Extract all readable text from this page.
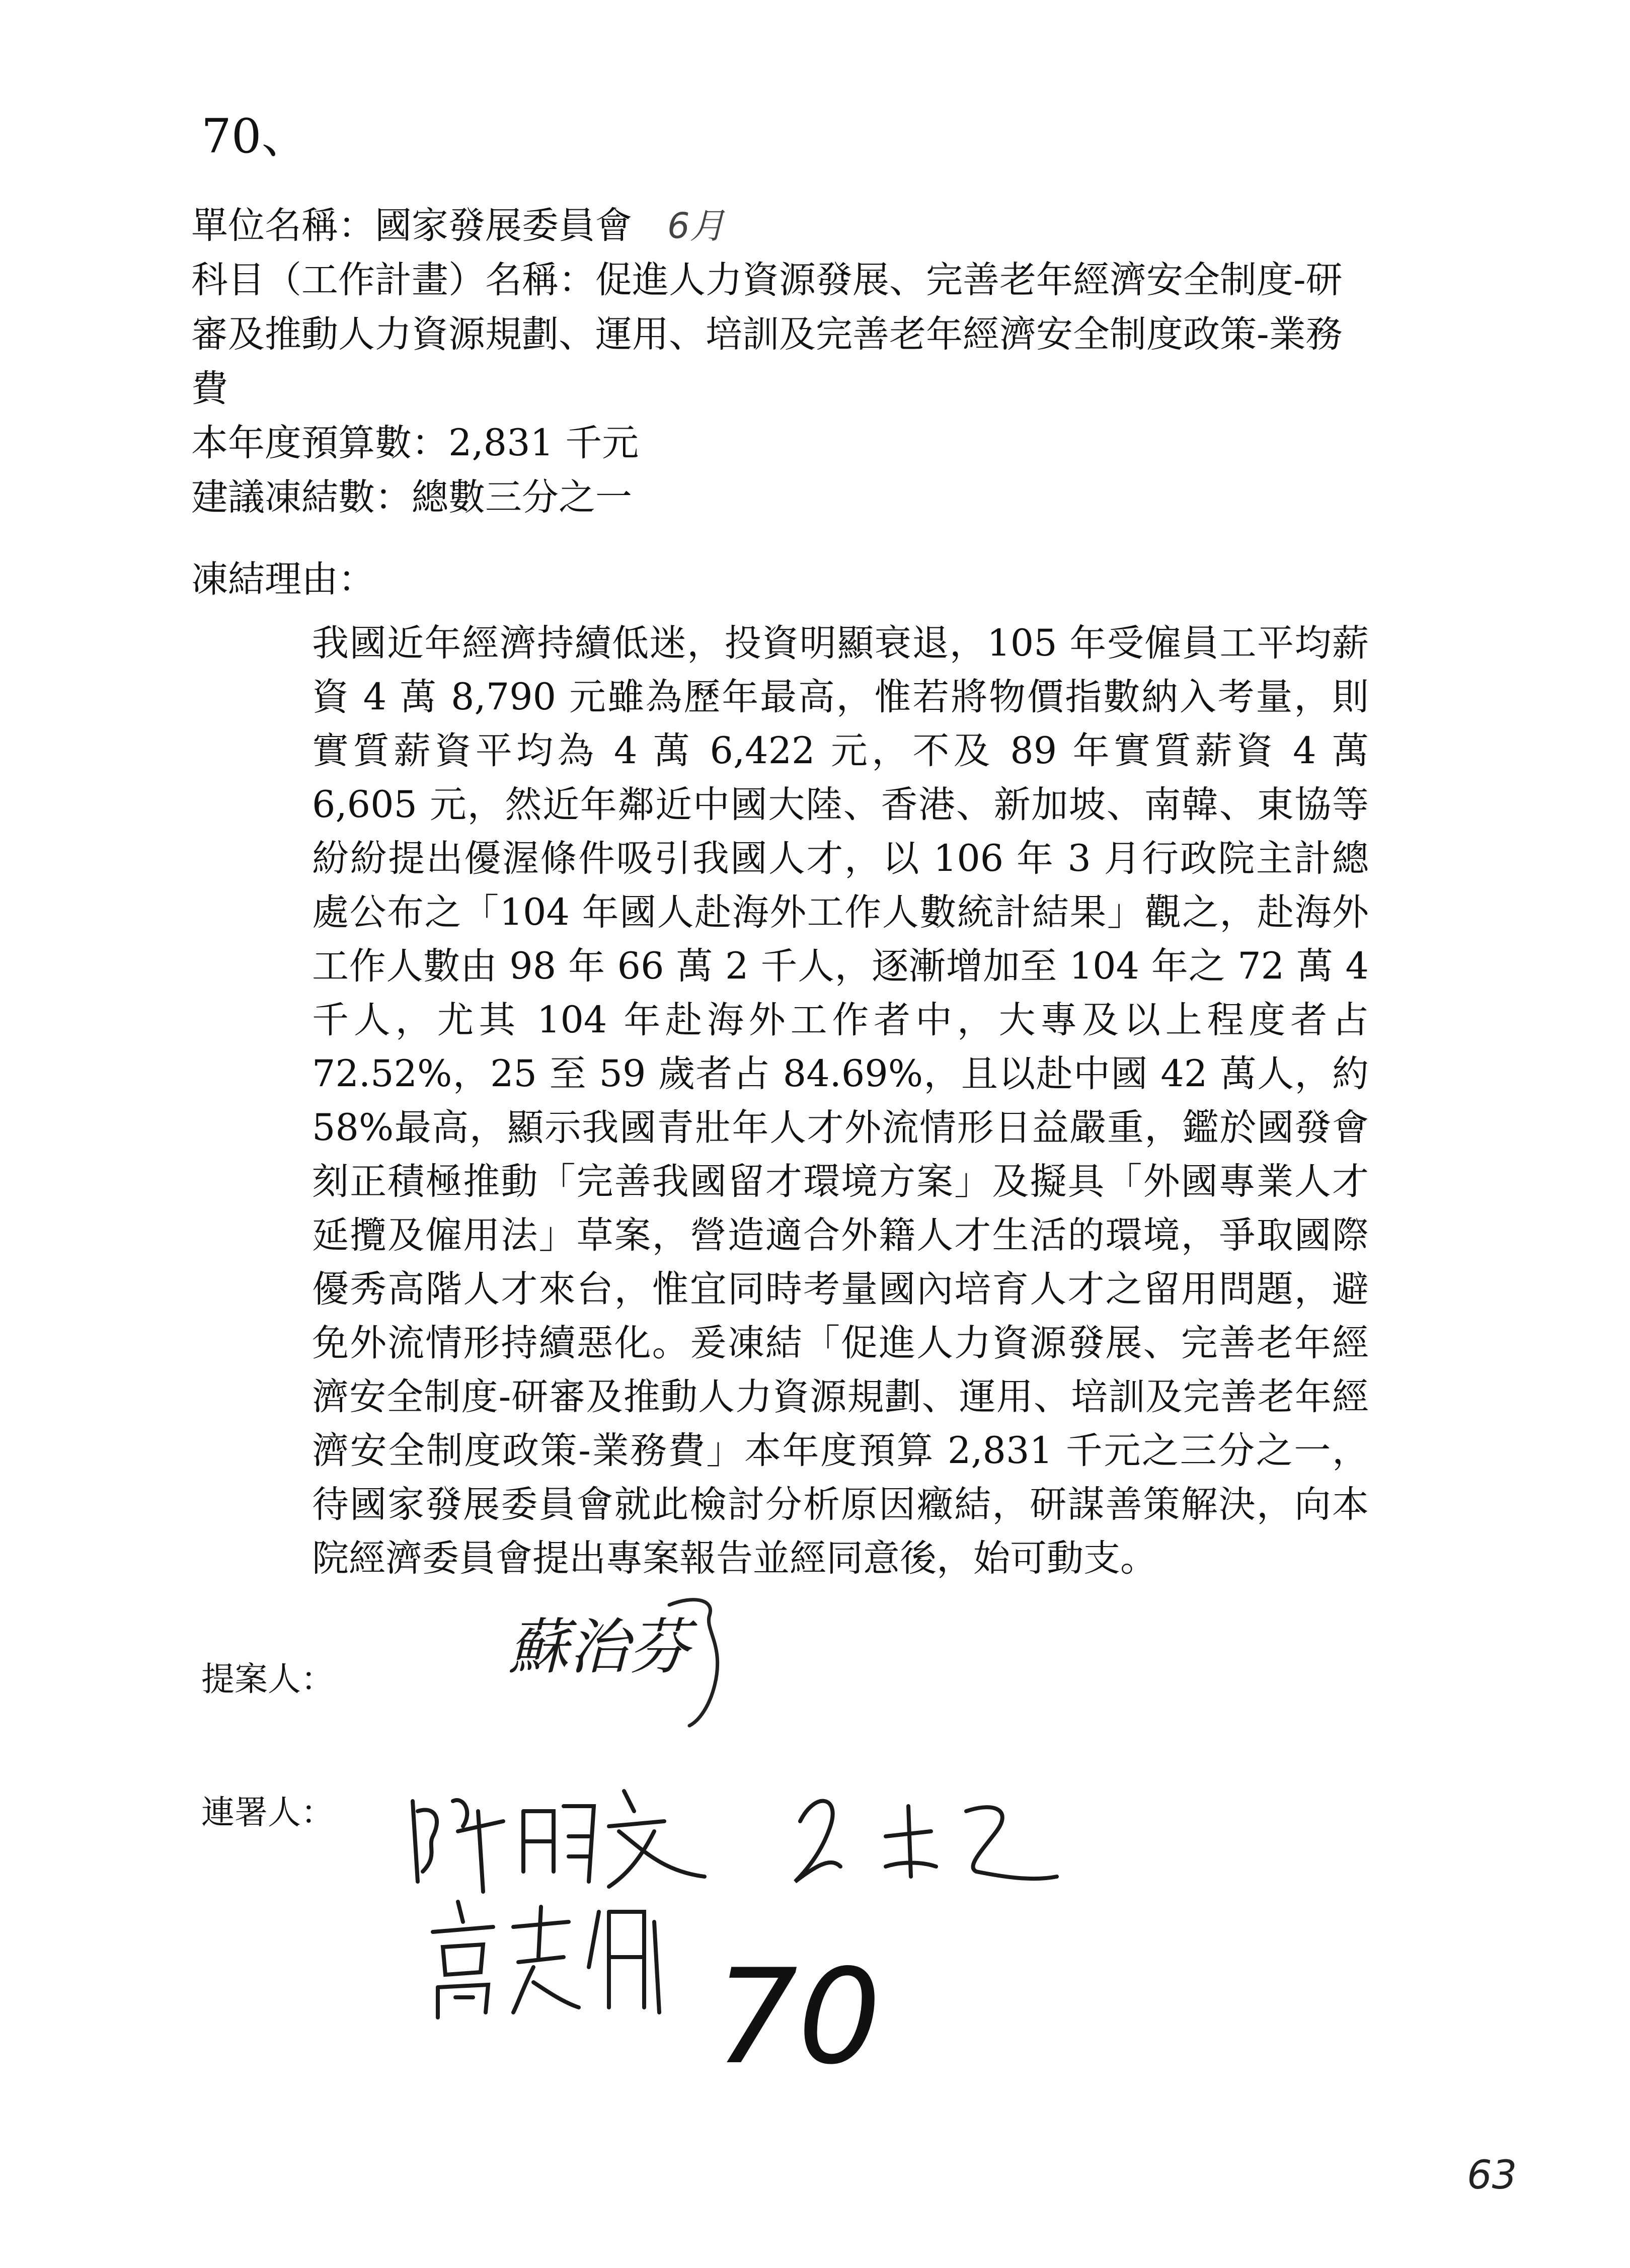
70、
單位名稱：國家發展委員會 6月
科目（工作計畫）名稱：促進人力資源發展、完善老年經濟安全制度-研審及推動人力資源規劃、運用、培訓及完善老年經濟安全制度政策-業務費
本年度預算數：2,831 千元
建議凍結數：總數三分之一
凍結理由：
我國近年經濟持續低迷，投資明顯衰退，105 年受僱員工平均薪資 4 萬 8,790 元雖為歷年最高，惟若將物價指數納入考量，則實質薪資平均為 4 萬 6,422 元，不及 89 年實質薪資 4 萬 6,605 元，然近年鄰近中國大陸、香港、新加坡、南韓、東協等紛紛提出優渥條件吸引我國人才，以 106 年 3 月行政院主計總處公布之「104 年國人赴海外工作人數統計結果」觀之，赴海外工作人數由 98 年 66 萬 2 千人，逐漸增加至 104 年之 72 萬 4 千人，尤其 104 年赴海外工作者中，大專及以上程度者占 72.52%，25 至 59 歲者占 84.69%，且以赴中國 42 萬人，約 58%最高，顯示我國青壯年人才外流情形日益嚴重，鑑於國發會刻正積極推動「完善我國留才環境方案」及擬具「外國專業人才延攬及僱用法」草案，營造適合外籍人才生活的環境，爭取國際優秀高階人才來台，惟宜同時考量國內培育人才之留用問題，避免外流情形持續惡化。爰凍結「促進人力資源發展、完善老年經濟安全制度-研審及推動人力資源規劃、運用、培訓及完善老年經濟安全制度政策-業務費」本年度預算 2,831 千元之三分之一，待國家發展委員會就此檢討分析原因癥結，研謀善策解決，向本院經濟委員會提出專案報告並經同意後，始可動支。
提案人：	蘇治芬
連署人：
70
63
